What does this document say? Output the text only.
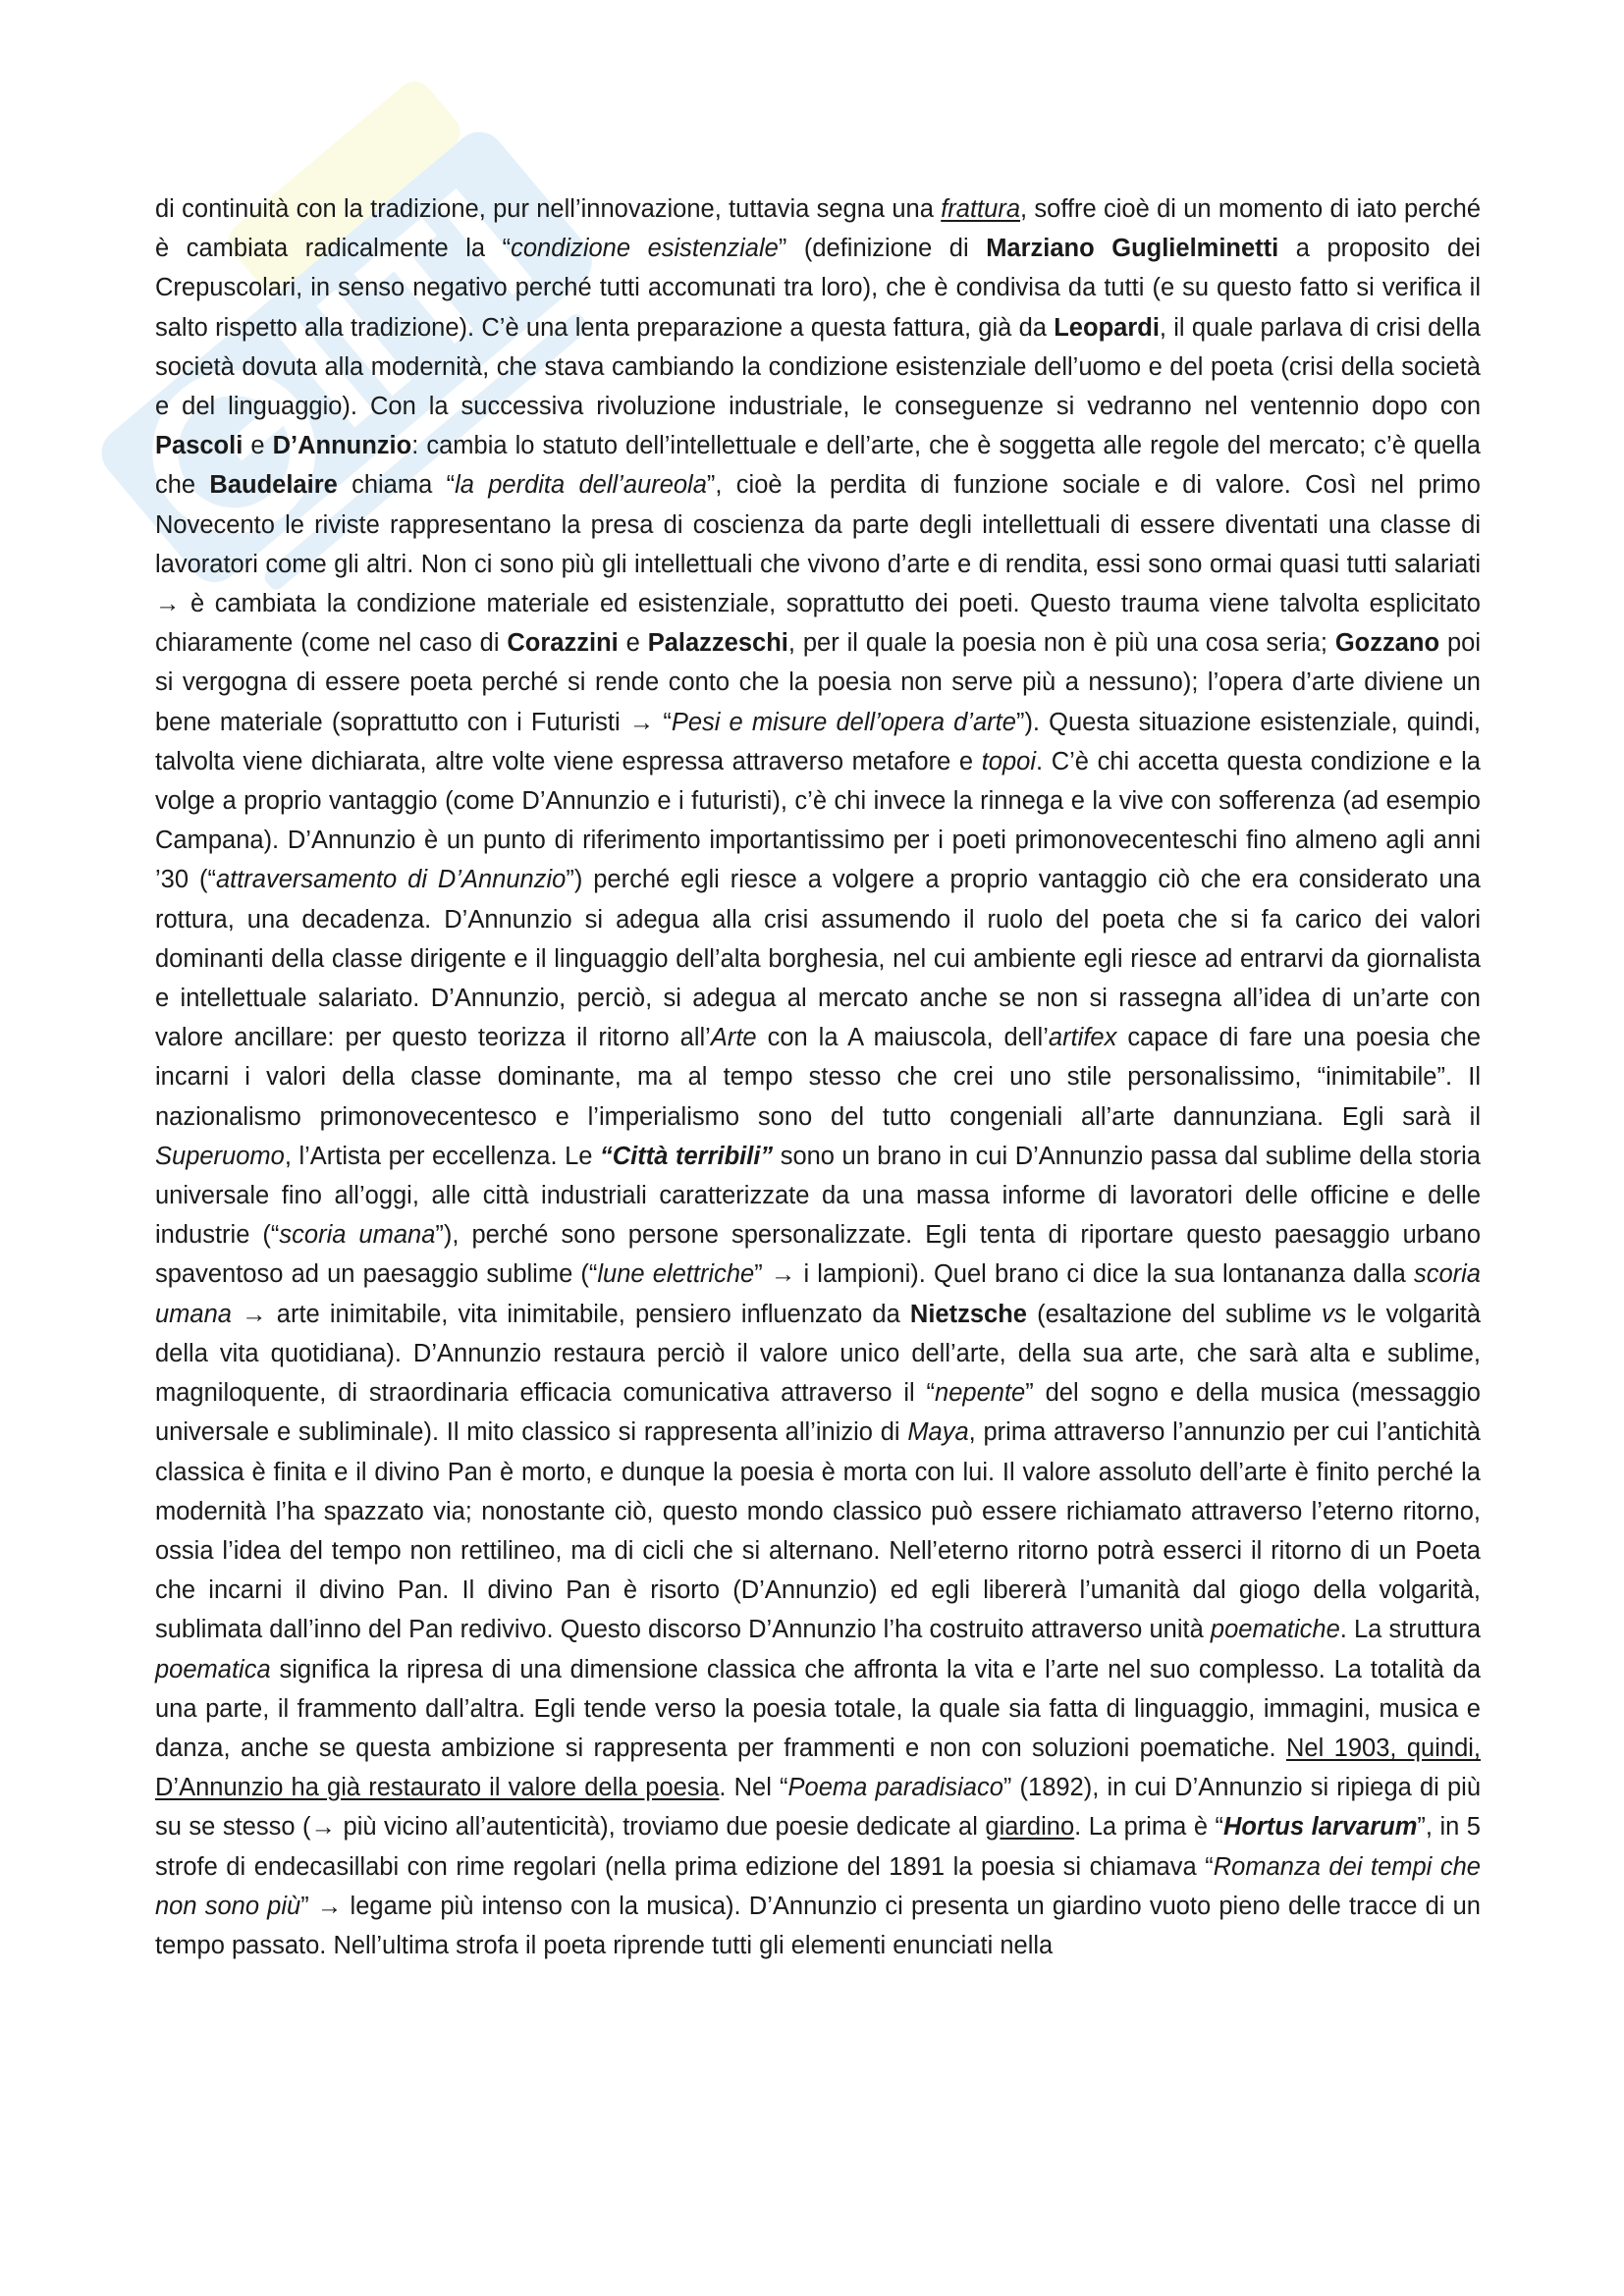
di continuità con la tradizione, pur nell’innovazione, tuttavia segna una frattura, soffre cioè di un momento di iato perché è cambiata radicalmente la “condizione esistenziale” (definizione di Marziano Guglielminetti a proposito dei Crepuscolari, in senso negativo perché tutti accomunati tra loro), che è condivisa da tutti (e su questo fatto si verifica il salto rispetto alla tradizione). C’è una lenta preparazione a questa fattura, già da Leopardi, il quale parlava di crisi della società dovuta alla modernità, che stava cambiando la condizione esistenziale dell’uomo e del poeta (crisi della società e del linguaggio). Con la successiva rivoluzione industriale, le conseguenze si vedranno nel ventennio dopo con Pascoli e D’Annunzio: cambia lo statuto dell’intellettuale e dell’arte, che è soggetta alle regole del mercato; c’è quella che Baudelaire chiama “la perdita dell’aureola”, cioè la perdita di funzione sociale e di valore. Così nel primo Novecento le riviste rappresentano la presa di coscienza da parte degli intellettuali di essere diventati una classe di lavoratori come gli altri. Non ci sono più gli intellettuali che vivono d’arte e di rendita, essi sono ormai quasi tutti salariati → è cambiata la condizione materiale ed esistenziale, soprattutto dei poeti. Questo trauma viene talvolta esplicitato chiaramente (come nel caso di Corazzini e Palazzeschi, per il quale la poesia non è più una cosa seria; Gozzano poi si vergogna di essere poeta perché si rende conto che la poesia non serve più a nessuno); l’opera d’arte diviene un bene materiale (soprattutto con i Futuristi → “Pesi e misure dell’opera d’arte”). Questa situazione esistenziale, quindi, talvolta viene dichiarata, altre volte viene espressa attraverso metafore e topoi. C’è chi accetta questa condizione e la volge a proprio vantaggio (come D’Annunzio e i futuristi), c’è chi invece la rinnega e la vive con sofferenza (ad esempio Campana). D’Annunzio è un punto di riferimento importantissimo per i poeti primonovecenteschi fino almeno agli anni ’30 (“attraversamento di D’Annunzio”) perché egli riesce a volgere a proprio vantaggio ciò che era considerato una rottura, una decadenza. D’Annunzio si adegua alla crisi assumendo il ruolo del poeta che si fa carico dei valori dominanti della classe dirigente e il linguaggio dell’alta borghesia, nel cui ambiente egli riesce ad entrarvi da giornalista e intellettuale salariato. D’Annunzio, perciò, si adegua al mercato anche se non si rassegna all’idea di un’arte con valore ancillare: per questo teorizza il ritorno all’Arte con la A maiuscola, dell’artifex capace di fare una poesia che incarni i valori della classe dominante, ma al tempo stesso che crei uno stile personalissimo, “inimitabile”. Il nazionalismo primonovecentesco e l’imperialismo sono del tutto congeniali all’arte dannunziana. Egli sarà il Superuomo, l’Artista per eccellenza. Le “Città terribili” sono un brano in cui D’Annunzio passa dal sublime della storia universale fino all’oggi, alle città industriali caratterizzate da una massa informe di lavoratori delle officine e delle industrie (“scoria umana”), perché sono persone spersonalizzate. Egli tenta di riportare questo paesaggio urbano spaventoso ad un paesaggio sublime (“lune elettriche” → i lampioni). Quel brano ci dice la sua lontananza dalla scoria umana → arte inimitabile, vita inimitabile, pensiero influenzato da Nietzsche (esaltazione del sublime vs le volgarità della vita quotidiana). D’Annunzio restaura perciò il valore unico dell’arte, della sua arte, che sarà alta e sublime, magniloquente, di straordinaria efficacia comunicativa attraverso il “nepente” del sogno e della musica (messaggio universale e subliminale). Il mito classico si rappresenta all’inizio di Maya, prima attraverso l’annunzio per cui l’antichità classica è finita e il divino Pan è morto, e dunque la poesia è morta con lui. Il valore assoluto dell’arte è finito perché la modernità l’ha spazzato via; nonostante ciò, questo mondo classico può essere richiamato attraverso l’eterno ritorno, ossia l’idea del tempo non rettilineo, ma di cicli che si alternano. Nell’eterno ritorno potrà esserci il ritorno di un Poeta che incarni il divino Pan. Il divino Pan è risorto (D’Annunzio) ed egli libererà l’umanità dal giogo della volgarità, sublimata dall’inno del Pan redivivo. Questo discorso D’Annunzio l’ha costruito attraverso unità poematiche. La struttura poematica significa la ripresa di una dimensione classica che affronta la vita e l’arte nel suo complesso. La totalità da una parte, il frammento dall’altra. Egli tende verso la poesia totale, la quale sia fatta di linguaggio, immagini, musica e danza, anche se questa ambizione si rappresenta per frammenti e non con soluzioni poematiche. Nel 1903, quindi, D’Annunzio ha già restaurato il valore della poesia. Nel “Poema paradisiaco” (1892), in cui D’Annunzio si ripiega di più su se stesso (→ più vicino all’autenticità), troviamo due poesie dedicate al giardino. La prima è “Hortus larvarum”, in 5 strofe di endecasillabi con rime regolari (nella prima edizione del 1891 la poesia si chiamava “Romanza dei tempi che non sono più” → legame più intenso con la musica). D’Annunzio ci presenta un giardino vuoto pieno delle tracce di un tempo passato. Nell’ultima strofa il poeta riprende tutti gli elementi enunciati nella
